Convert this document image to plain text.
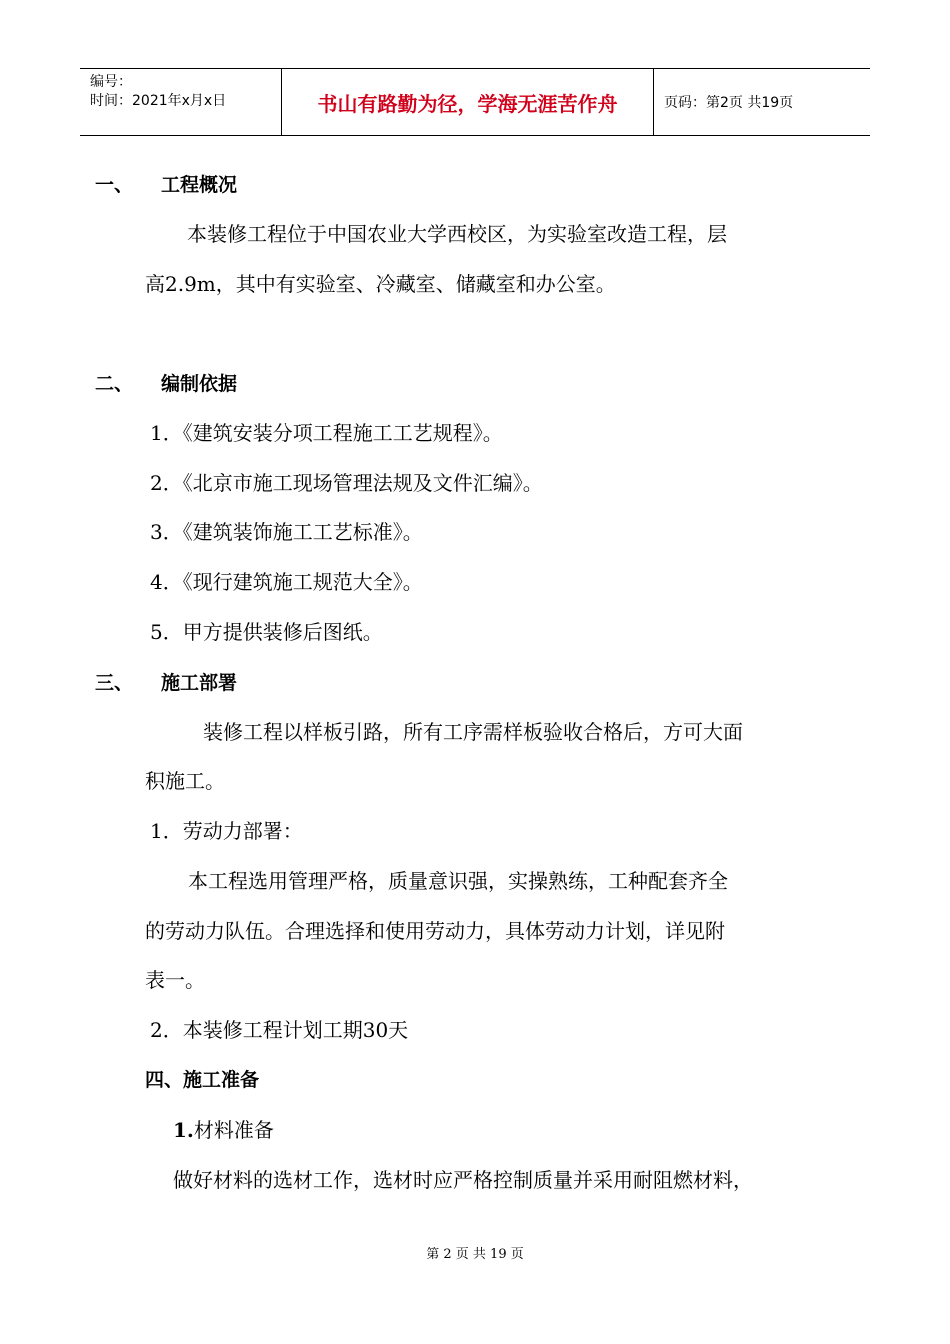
编号：
时间：2021年x月x日	书山有路勤为径，学海无涯苦作舟	页码：第2页 共19页
一、 工程概况
本装修工程位于中国农业大学西校区，为实验室改造工程，层
高2.9m，其中有实验室、冷藏室、储藏室和办公室。
二、 编制依据
1．《建筑安装分项工程施工工艺规程》。
2．《北京市施工现场管理法规及文件汇编》。
3．《建筑装饰施工工艺标准》。
4．《现行建筑施工规范大全》。
5．甲方提供装修后图纸。
三、 施工部署
装修工程以样板引路，所有工序需样板验收合格后，方可大面
积施工。
1．劳动力部署：
本工程选用管理严格，质量意识强，实操熟练，工种配套齐全
的劳动力队伍。合理选择和使用劳动力，具体劳动力计划，详见附
表一。
2．本装修工程计划工期30天
四、施工准备
1.材料准备
做好材料的选材工作，选材时应严格控制质量并采用耐阻燃材料，
第 2 页 共 19 页
